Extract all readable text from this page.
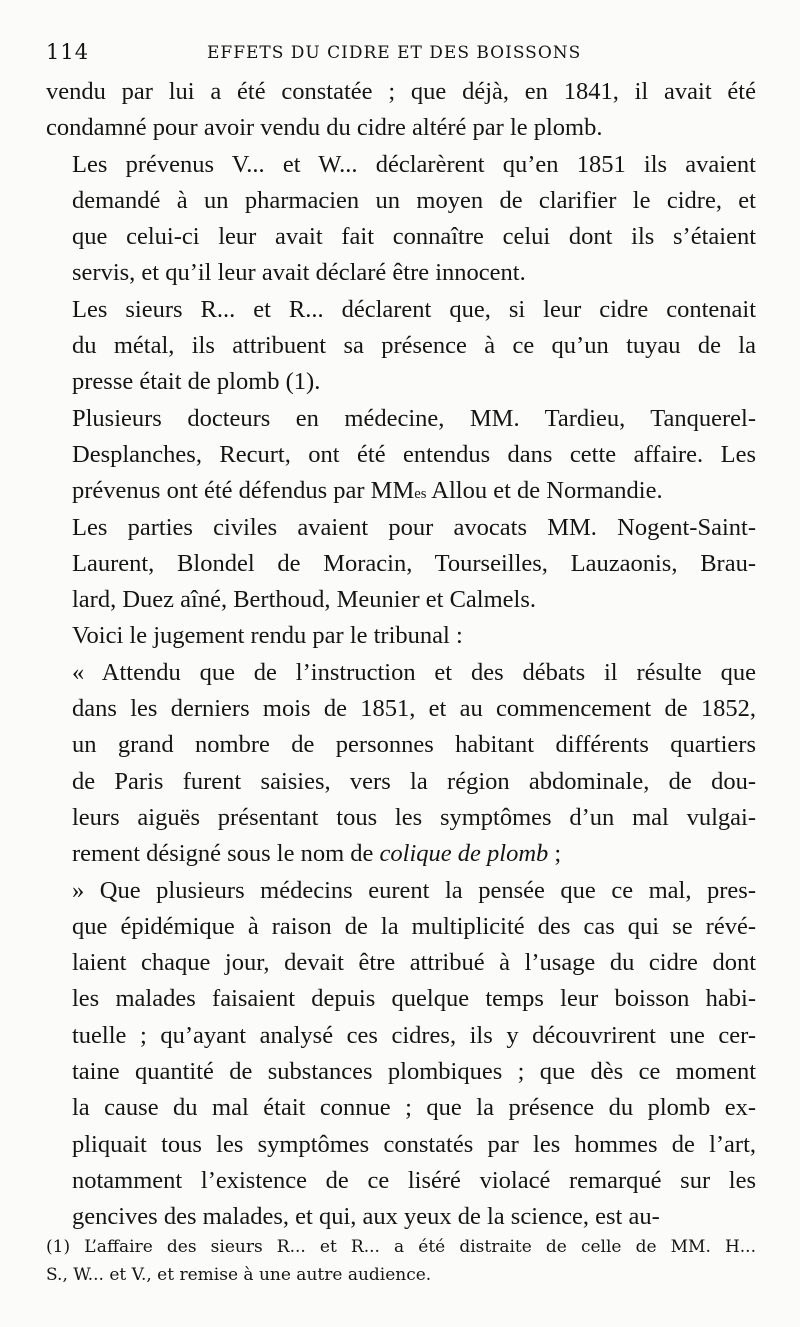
114	EFFETS DU CIDRE ET DES BOISSONS
vendu par lui a été constatée ; que déjà, en 1841, il avait été
condamné pour avoir vendu du cidre altéré par le plomb.
Les prévenus V... et W... déclarèrent qu’en 1851 ils avaient
demandé à un pharmacien un moyen de clarifier le cidre, et
que celui-ci leur avait fait connaître celui dont ils s’étaient
servis, et qu’il leur avait déclaré être innocent.
Les sieurs R... et R... déclarent que, si leur cidre contenait
du métal, ils attribuent sa présence à ce qu’un tuyau de la
presse était de plomb (1).
Plusieurs docteurs en médecine, MM. Tardieu, Tanquerel-
Desplanches, Recurt, ont été entendus dans cette affaire. Les
prévenus ont été défendus par $MM^{es}$ Allou et de Normandie.
Les parties civiles avaient pour avocats MM. Nogent-Saint-
Laurent, Blondel de Moracin, Tourseilles, Lauzaonis, Brau-
lard, Duez aîné, Berthoud, Meunier et Calmels.
Voici le jugement rendu par le tribunal :
« Attendu que de l’instruction et des débats il résulte que
dans les derniers mois de 1851, et au commencement de 1852,
un grand nombre de personnes habitant différents quartiers
de Paris furent saisies, vers la région abdominale, de dou-
leurs aiguës présentant tous les symptômes d’un mal vulgai-
rement désigné sous le nom de colique de plomb ;
» Que plusieurs médecins eurent la pensée que ce mal, pres-
que épidémique à raison de la multiplicité des cas qui se révé-
laient chaque jour, devait être attribué à l’usage du cidre dont
les malades faisaient depuis quelque temps leur boisson habi-
tuelle ; qu’ayant analysé ces cidres, ils y découvrirent une cer-
taine quantité de substances plombiques ; que dès ce moment
la cause du mal était connue ; que la présence du plomb ex-
pliquait tous les symptômes constatés par les hommes de l’art,
notamment l’existence de ce liséré violacé remarqué sur les
gencives des malades, et qui, aux yeux de la science, est au-
(1) L’affaire des sieurs R... et R... a été distraite de celle de MM. H...
S., W... et V., et remise à une autre audience.
